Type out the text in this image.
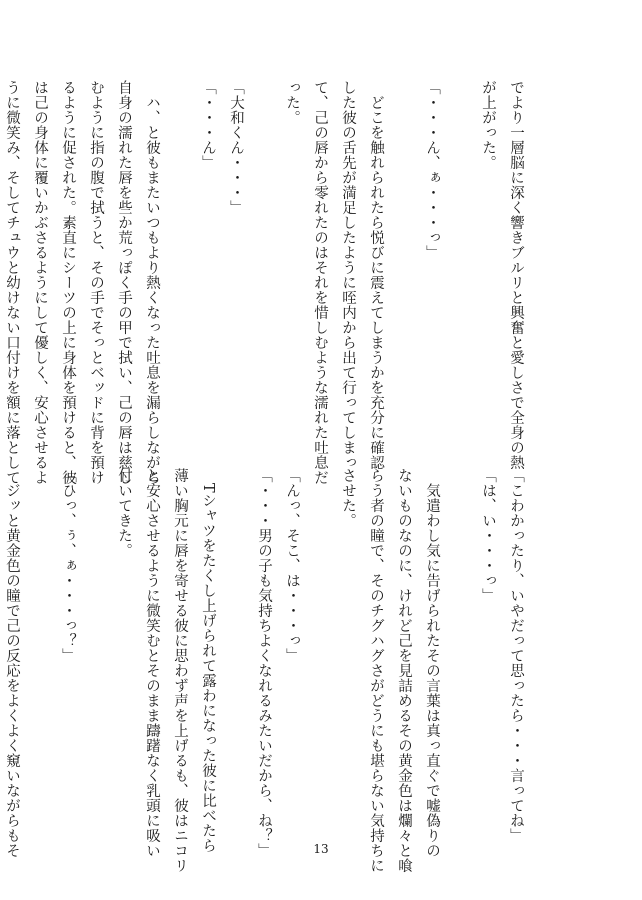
でより一層脳に深く響きブルリと興奮と愛しさで全身の熱
が上がった。

「・・・ん、ぁ・・・っ」

　どこを触れられたら悦びに震えてしまうかを充分に確認
した彼の舌先が満足したように咥内から出て行ってしまっ
て、己の唇から零れたのはそれを惜しむような濡れた吐息だ
った。

「大和くん・・・」
「・・・ん」

　ハ、と彼もまたいつもより熱くなった吐息を漏らしながら
自身の濡れた唇を些か荒っぽく手の甲で拭い、己の唇は慈し
むように指の腹で拭うと、その手でそっとベッドに背を預け
るように促された。素直にシーツの上に身体を預けると、彼
は己の身体に覆いかぶさるようにして優しく、安心させるよ
うに微笑み、そしてチュウと幼けない口付けを額に落として
「こわかったり、いやだって思ったら・・・言ってね」
「は、い・・・っ」

　気遣わし気に告げられたその言葉は真っ直ぐで嘘偽りの
ないものなのに、けれど己を見詰めるその黄金色は爛々と喰
らう者の瞳で、そのチグハグさがどうにも堪らない気持ちに
させた。

「んっ、そこ、は・・・っ」
「・・・男の子も気持ちよくなれるみたいだから、ね？」

　Tシャツをたくし上げられて露わになった彼に比べたら
薄い胸元に唇を寄せる彼に思わず声を上げるも、彼はニコリ
と安心させるように微笑むとそのまま躊躇なく乳頭に吸い
付いてきた。

「ひっ、ぅ、ぁ・・・っ？」

　ジッと黄金色の瞳で己の反応をよくよく窺いながらもそ	13
